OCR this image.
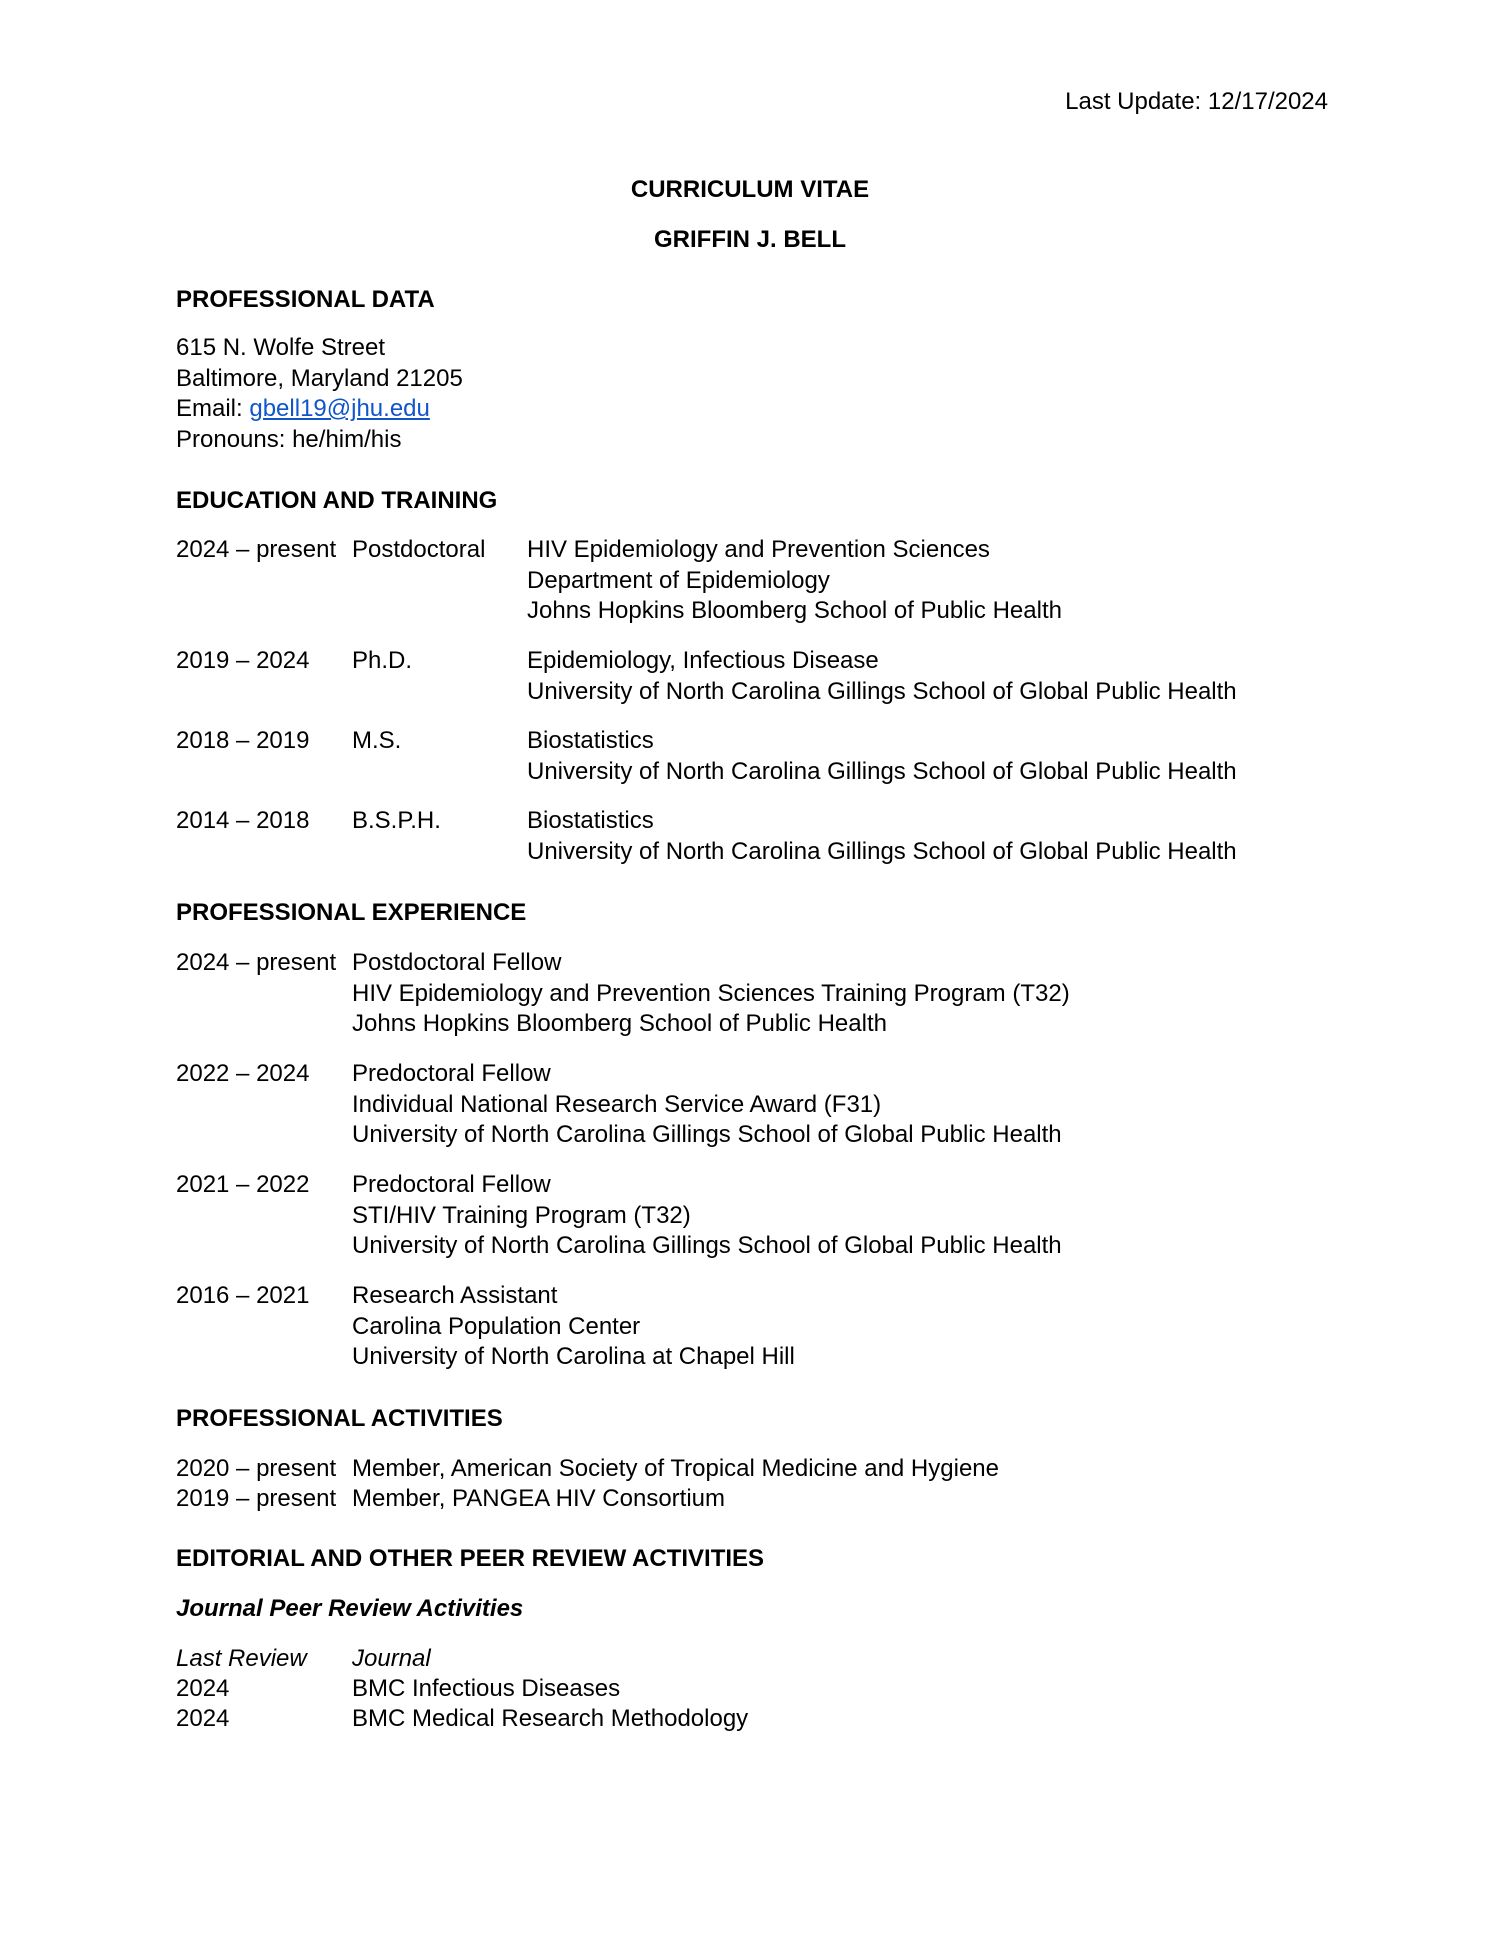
Last Update: 12/17/2024
CURRICULUM VITAE
GRIFFIN J. BELL
PROFESSIONAL DATA
615 N. Wolfe Street
Baltimore, Maryland 21205
Email: gbell19@jhu.edu
Pronouns: he/him/his
EDUCATION AND TRAINING
2024 – present Postdoctoral HIV Epidemiology and Prevention Sciences
Department of Epidemiology
Johns Hopkins Bloomberg School of Public Health
2019 – 2024 Ph.D.	Epidemiology, Infectious Disease
University of North Carolina Gillings School of Global Public Health
2018 – 2019 M.S.	Biostatistics
University of North Carolina Gillings School of Global Public Health
2014 – 2018 B.S.P.H.	Biostatistics
University of North Carolina Gillings School of Global Public Health
PROFESSIONAL EXPERIENCE
2024 – present Postdoctoral Fellow
HIV Epidemiology and Prevention Sciences Training Program (T32)
Johns Hopkins Bloomberg School of Public Health
2022 – 2024 Predoctoral Fellow
Individual National Research Service Award (F31)
University of North Carolina Gillings School of Global Public Health
2021 – 2022 Predoctoral Fellow
STI/HIV Training Program (T32)
University of North Carolina Gillings School of Global Public Health
2016 – 2021 Research Assistant
Carolina Population Center
University of North Carolina at Chapel Hill
PROFESSIONAL ACTIVITIES
2020 – present Member, American Society of Tropical Medicine and Hygiene
2019 – present Member, PANGEA HIV Consortium
EDITORIAL AND OTHER PEER REVIEW ACTIVITIES
Journal Peer Review Activities
Last Review Journal
2024	BMC Infectious Diseases
2024	BMC Medical Research Methodology
